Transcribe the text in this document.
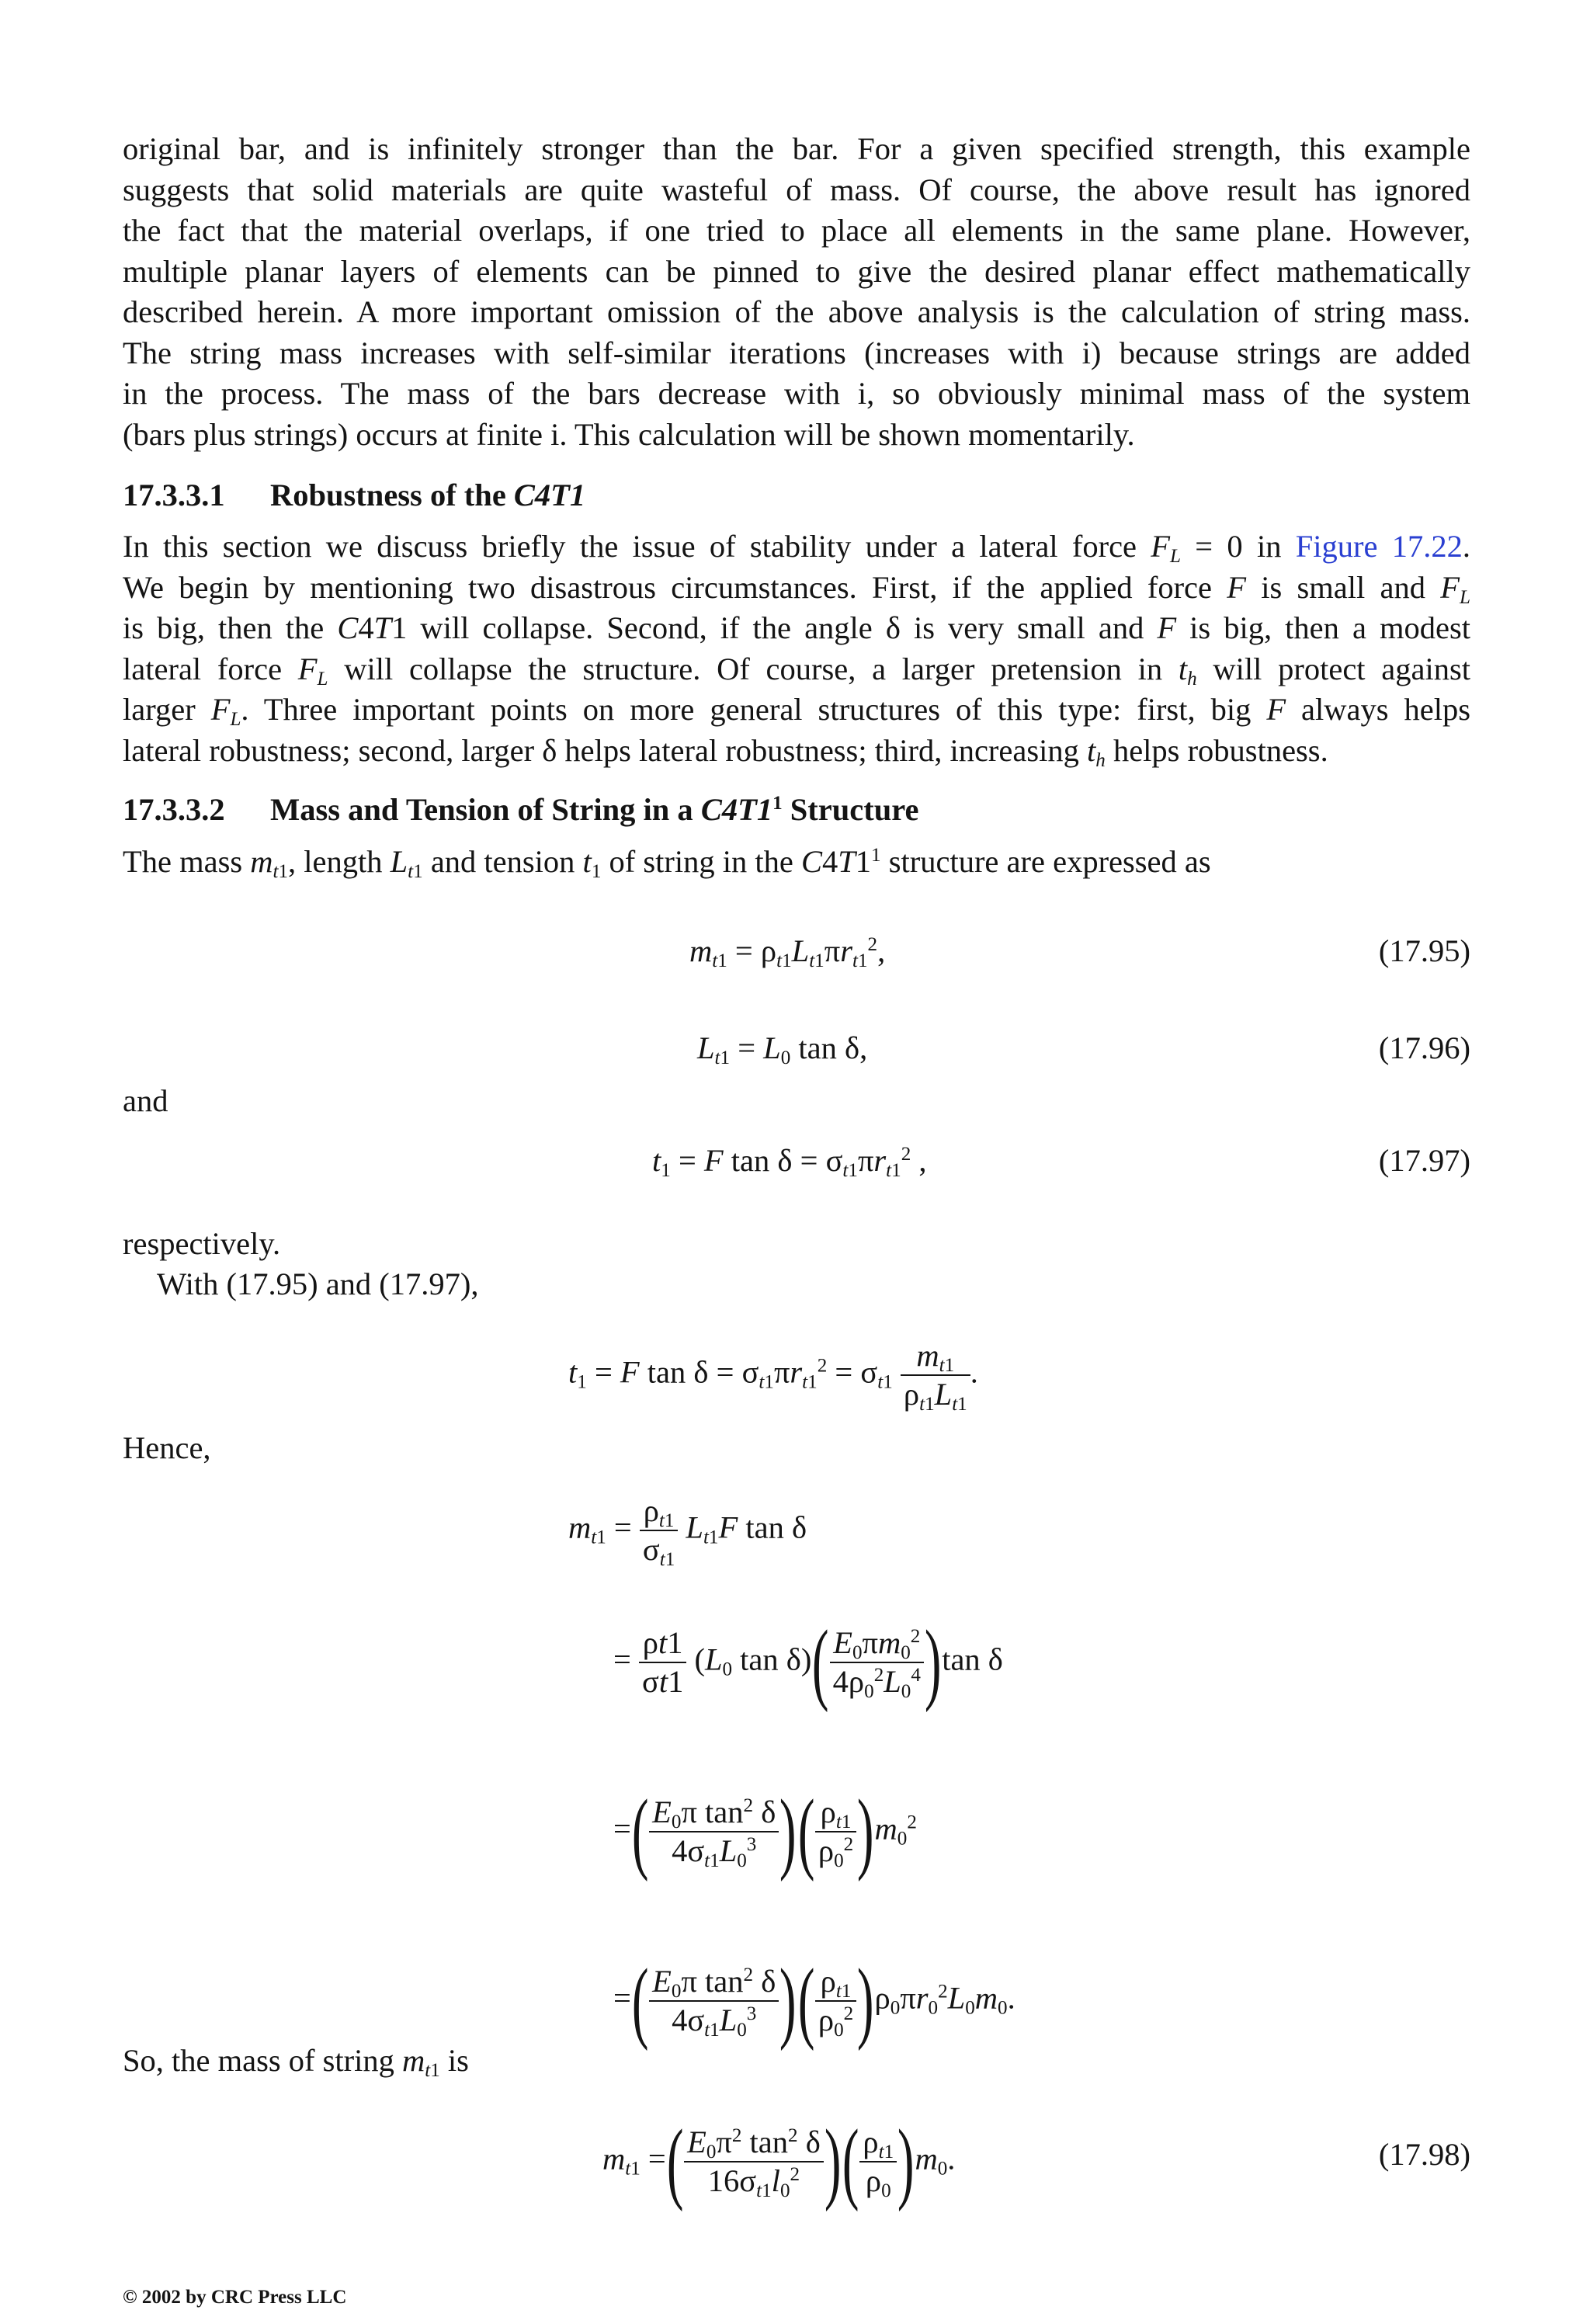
original bar, and is infinitely stronger than the bar. For a given specified strength, this example
suggests that solid materials are quite wasteful of mass. Of course, the above result has ignored
the fact that the material overlaps, if one tried to place all elements in the same plane. However,
multiple planar layers of elements can be pinned to give the desired planar effect mathematically
described herein. A more important omission of the above analysis is the calculation of string mass.
The string mass increases with self-similar iterations (increases with i) because strings are added
in the process. The mass of the bars decrease with i, so obviously minimal mass of the system
(bars plus strings) occurs at finite i. This calculation will be shown momentarily.
17.3.3.1 Robustness of the C4T1
In this section we discuss briefly the issue of stability under a lateral force $F_L = 0$ in Figure 17.22.
We begin by mentioning two disastrous circumstances. First, if the applied force F is small and $F_L$
is big, then the C4T1 will collapse. Second, if the angle δ is very small and F is big, then a modest
lateral force $F_L$ will collapse the structure. Of course, a larger pretension in $t_h$ will protect against
larger $F_L$. Three important points on more general structures of this type: first, big F always helps
lateral robustness; second, larger δ helps lateral robustness; third, increasing $t_h$ helps robustness.
17.3.3.2 Mass and Tension of String in a $C4T1^1$ Structure
The mass $m_{t1}$, length $L_{t1}$ and tension $t_1$ of string in the $C4T1^1$ structure are expressed as
$m_{t1} = \rho_{t1}L_{t1}\pi r_{t1}^2$,	(17.95)
$L_{t1} = L_0$ tan δ,	(17.96)
and
$t_1 = F$ $\tan \delta = \sigma_{t1}\pi r_{t1}^2$ ,	(17.97)
respectively.
With (17.95) and (17.97),
$t_1 = F$ $\tan \delta = \sigma_{t1}\pi r_{t1}^2 = \sigma_{t1} \frac{m_{t1}}{\rho_{t1}L_{t1}}$ .
Hence,
$m_{t1} = \frac{\rho_{t1}}{\sigma_{t1}} L_{t1}F$ tan δ
= $\frac{\rho t1}{\sigma t1} (L_0$ $\tan \delta)( \frac{E_0\pi m_0^2}{4\rho_0^2L_0^4} )\tan$ δ
=( $\frac{E_0\pi \tan^2 \delta}{4\sigma_{t1}L_0^3}$ )( $\frac{\rho_{t1}}{\rho_0^2} )m_0^2$
=( $\frac{E_0\pi \tan^2 \delta}{4\sigma_{t1}L_0^3}$ )( $\frac{\rho_{t1}}{\rho_0^2} )\rho_0\pi r_0^2L_0m_0$.
So, the mass of string $m_{t1}$ is
$m_{t1}$ =( $\frac{E_0\pi^2 \tan^2 \delta}{16\sigma_{t1}l_0^2}$ )( $\frac{\rho_{t1}}{\rho_0} )m_0$.	(17.98)
© 2002 by CRC Press LLC
